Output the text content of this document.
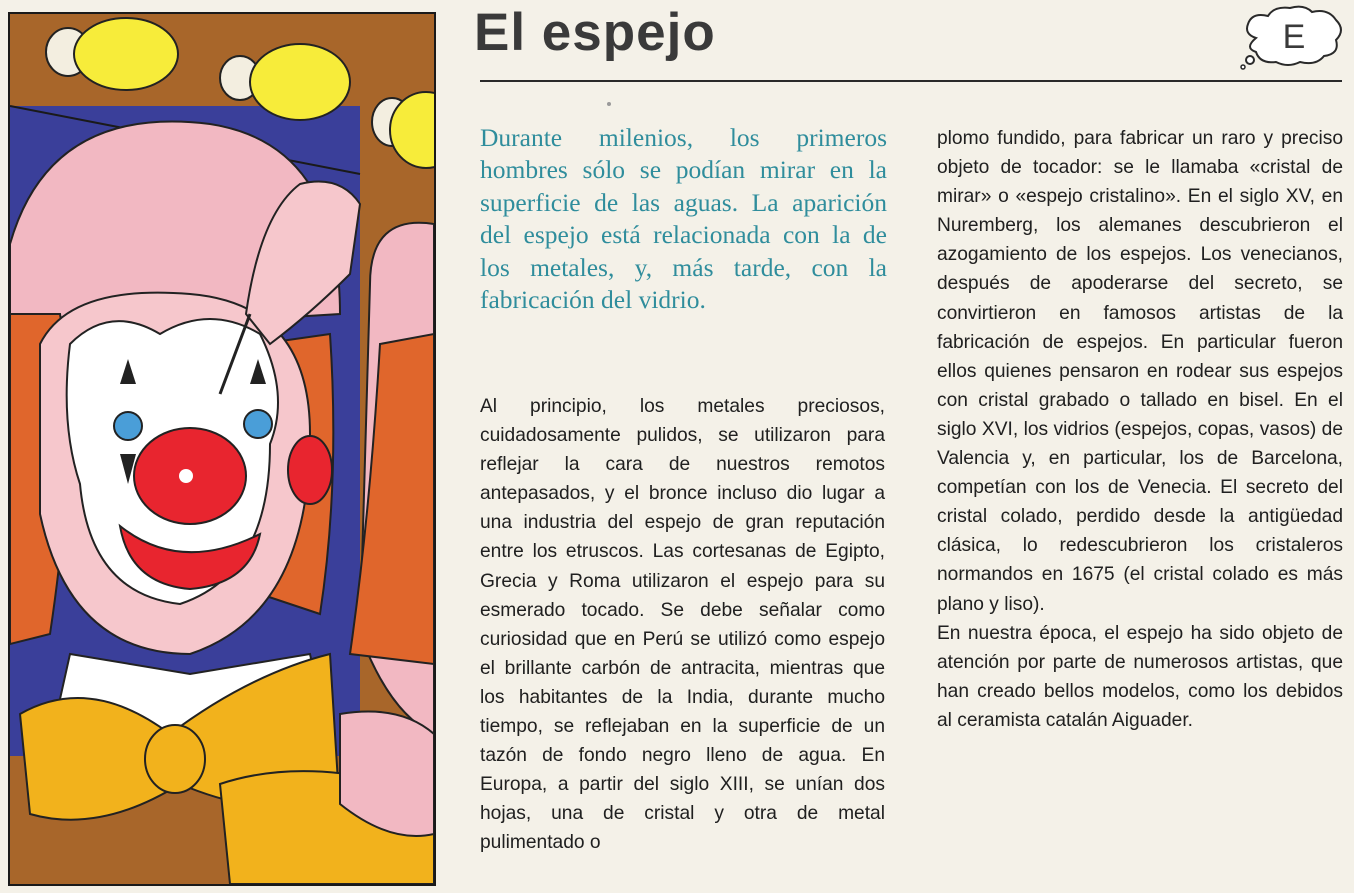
El espejo	E

Durante milenios, los primeros hombres sólo se podían mirar en la superficie de las aguas. La aparición del espejo está relacionada con la de los metales, y, más tarde, con la fabricación del vidrio.

Al principio, los metales preciosos, cuidadosamente pulidos, se utilizaron para reflejar la cara de nuestros remotos antepasados, y el bronce incluso dio lugar a una industria del espejo de gran reputación entre los etruscos. Las cortesanas de Egipto, Grecia y Roma utilizaron el espejo para su esmerado tocado. Se debe señalar como curiosidad que en Perú se utilizó como espejo el brillante carbón de antracita, mientras que los habitantes de la India, durante mucho tiempo, se reflejaban en la superficie de un tazón de fondo negro lleno de agua. En Europa, a partir del siglo XIII, se unían dos hojas, una de cristal y otra de metal pulimentado o

plomo fundido, para fabricar un raro y preciso objeto de tocador: se le llamaba «cristal de mirar» o «espejo cristalino». En el siglo XV, en Nuremberg, los alemanes descubrieron el azogamiento de los espejos. Los venecianos, después de apoderarse del secreto, se convirtieron en famosos artistas de la fabricación de espejos. En particular fueron ellos quienes pensaron en rodear sus espejos con cristal grabado o tallado en bisel. En el siglo XVI, los vidrios (espejos, copas, vasos) de Valencia y, en particular, los de Barcelona, competían con los de Venecia. El secreto del cristal colado, perdido desde la antigüedad clásica, lo redescubrieron los cristaleros normandos en 1675 (el cristal colado es más plano y liso).

En nuestra época, el espejo ha sido objeto de atención por parte de numerosos artistas, que han creado bellos modelos, como los debidos al ceramista catalán Aiguader.
